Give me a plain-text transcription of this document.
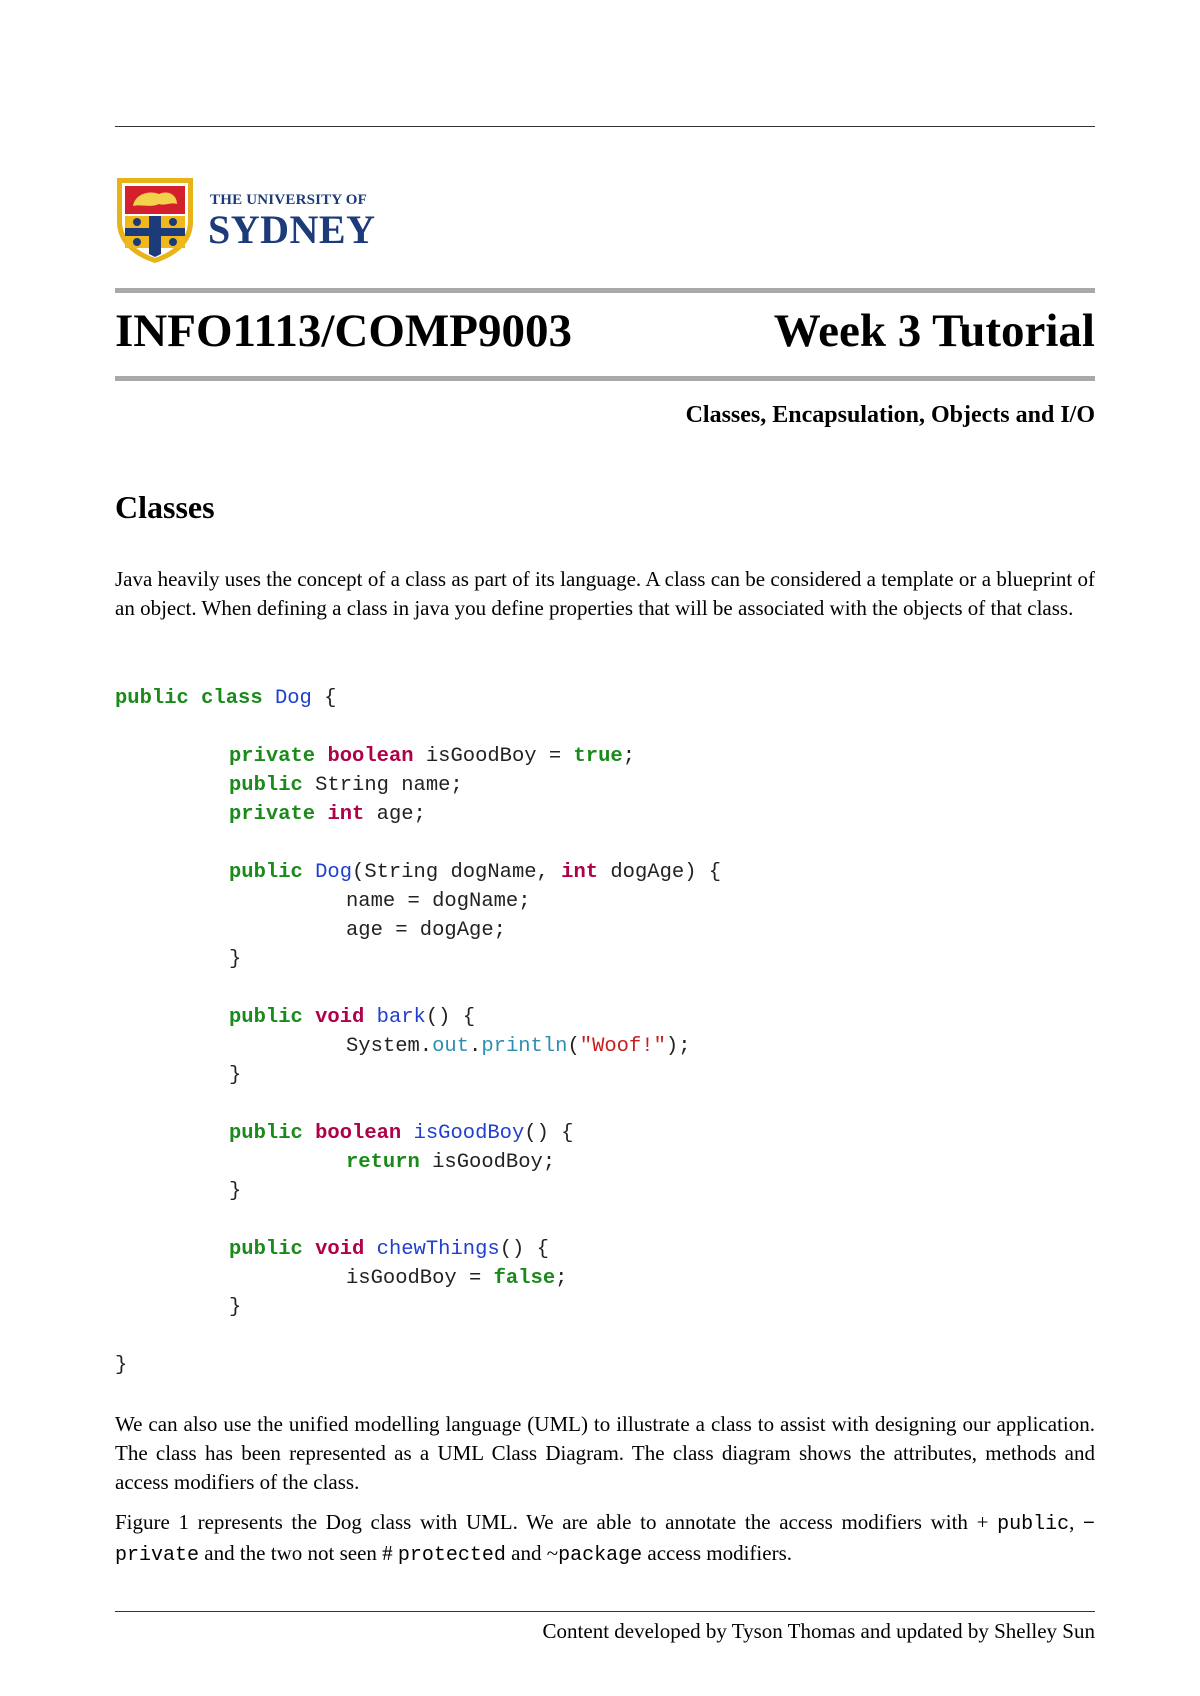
THE UNIVERSITY OF
SYDNEY
INFO1113/COMP9003	Week 3 Tutorial
Classes, Encapsulation, Objects and I/O
Classes

Java heavily uses the concept of a class as part of its language. A class can be considered a template or a blueprint of an object. When defining a class in java you define properties that will be associated with the objects of that class.

public class Dog {
private boolean isGoodBoy = true;
public String name;
private int age;
public Dog(String dogName, int dogAge) {
name = dogName;
age = dogAge;
}
public void bark() {
System.out.println("Woof!");
}
public boolean isGoodBoy() {
return isGoodBoy;
}
public void chewThings() {
isGoodBoy = false;
}
}

We can also use the unified modelling language (UML) to illustrate a class to assist with designing our application. The class has been represented as a UML Class Diagram. The class diagram shows the attributes, methods and access modifiers of the class.

Figure 1 represents the Dog class with UML. We are able to annotate the access modifiers with + public, − private and the two not seen # protected and ~package access modifiers.

Content developed by Tyson Thomas and updated by Shelley Sun
